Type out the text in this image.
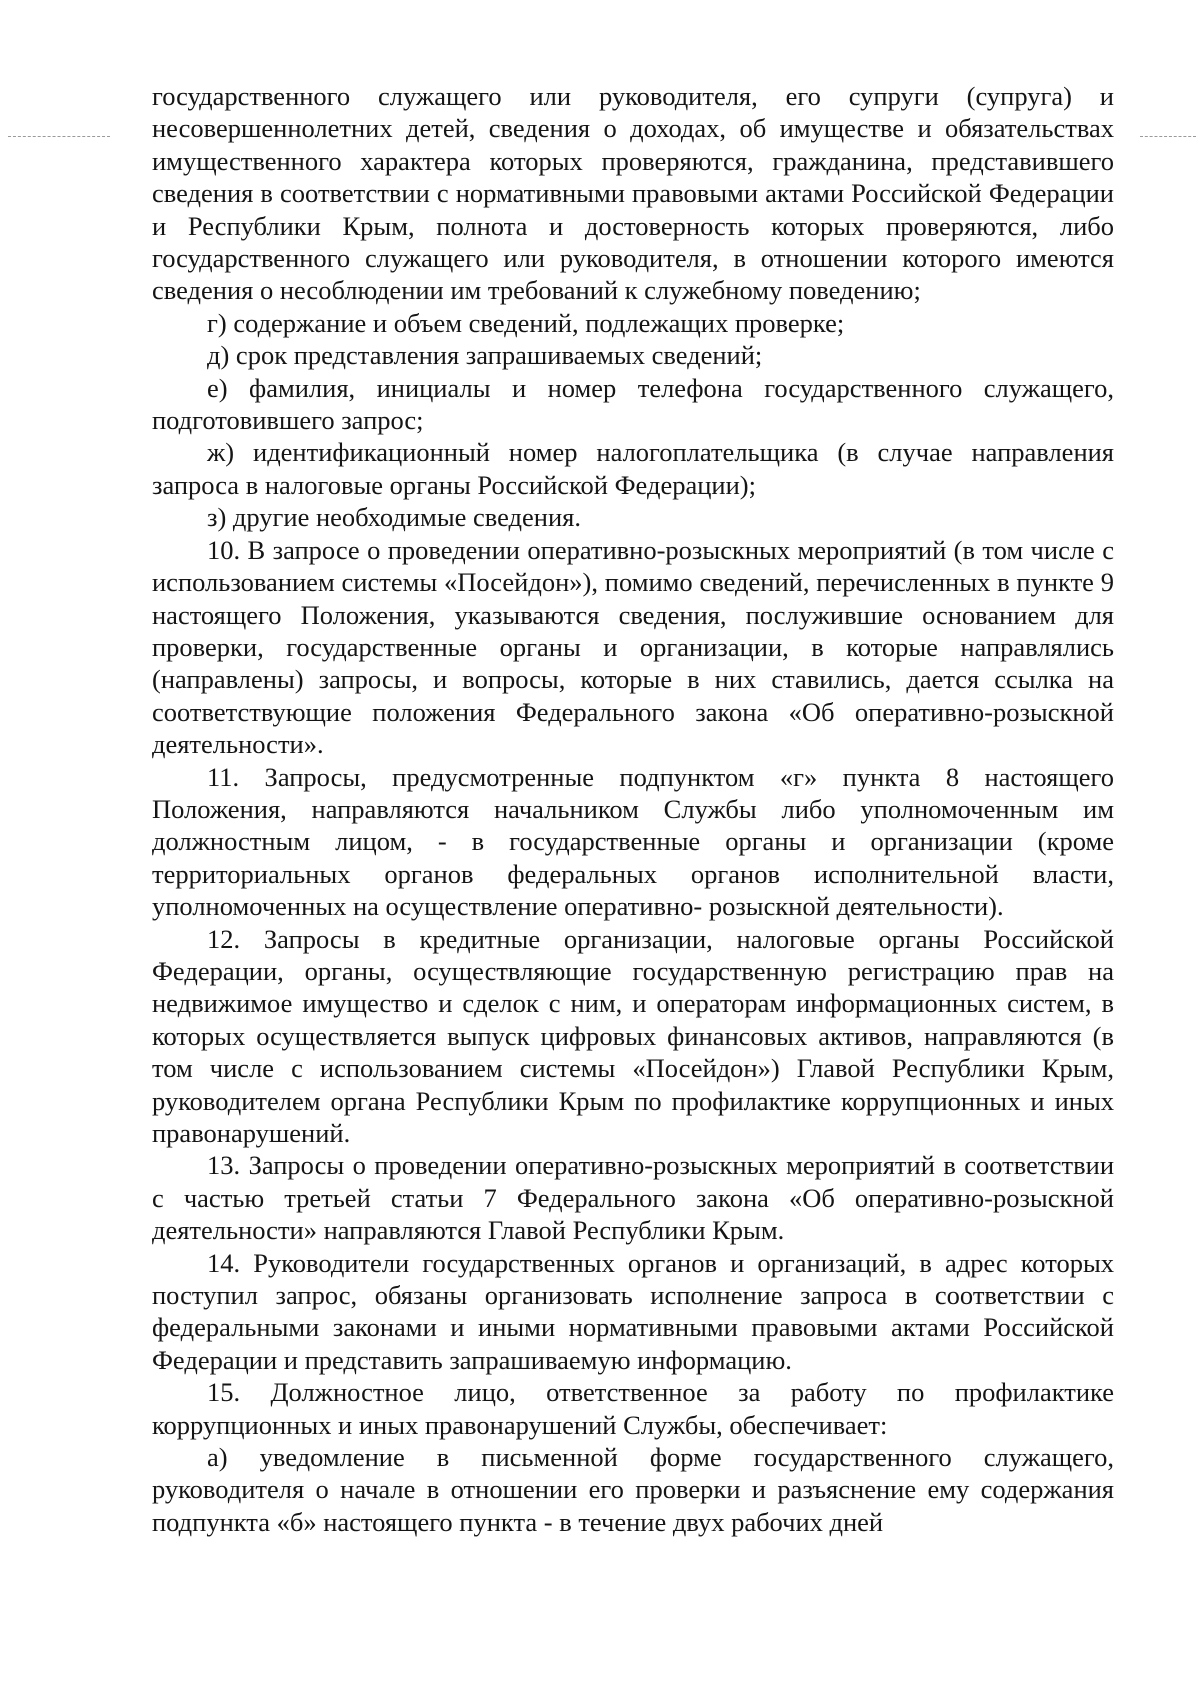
государственного служащего или руководителя, его супруги (супруга) и несовершеннолетних детей, сведения о доходах, об имуществе и обязательствах имущественного характера которых проверяются, гражданина, представившего сведения в соответствии с нормативными правовыми актами Российской Федерации и Республики Крым, полнота и достоверность которых проверяются, либо государственного служащего или руководителя, в отношении которого имеются сведения о несоблюдении им требований к служебному поведению;

г) содержание и объем сведений, подлежащих проверке;

д) срок представления запрашиваемых сведений;

е) фамилия, инициалы и номер телефона государственного служащего, подготовившего запрос;

ж) идентификационный номер налогоплательщика (в случае направления запроса в налоговые органы Российской Федерации);

з) другие необходимые сведения.

10. В запросе о проведении оперативно-розыскных мероприятий (в том числе с использованием системы «Посейдон»), помимо сведений, перечисленных в пункте 9 настоящего Положения, указываются сведения, послужившие основанием для проверки, государственные органы и организации, в которые направлялись (направлены) запросы, и вопросы, которые в них ставились, дается ссылка на соответствующие положения Федерального закона «Об оперативно-розыскной деятельности».

11. Запросы, предусмотренные подпунктом «г» пункта 8 настоящего Положения, направляются начальником Службы либо уполномоченным им должностным лицом, - в государственные органы и организации (кроме территориальных органов федеральных органов исполнительной власти, уполномоченных на осуществление оперативно- розыскной деятельности).

12. Запросы в кредитные организации, налоговые органы Российской Федерации, органы, осуществляющие государственную регистрацию прав на недвижимое имущество и сделок с ним, и операторам информационных систем, в которых осуществляется выпуск цифровых финансовых активов, направляются (в том числе с использованием системы «Посейдон») Главой Республики Крым, руководителем органа Республики Крым по профилактике коррупционных и иных правонарушений.

13. Запросы о проведении оперативно-розыскных мероприятий в соответствии с частью третьей статьи 7 Федерального закона «Об оперативно-розыскной деятельности» направляются Главой Республики Крым.

14. Руководители государственных органов и организаций, в адрес которых поступил запрос, обязаны организовать исполнение запроса в соответствии с федеральными законами и иными нормативными правовыми актами Российской Федерации и представить запрашиваемую информацию.

15. Должностное лицо, ответственное за работу по профилактике коррупционных и иных правонарушений Службы, обеспечивает:

а) уведомление в письменной форме государственного служащего, руководителя о начале в отношении его проверки и разъяснение ему содержания подпункта «б» настоящего пункта - в течение двух рабочих дней
